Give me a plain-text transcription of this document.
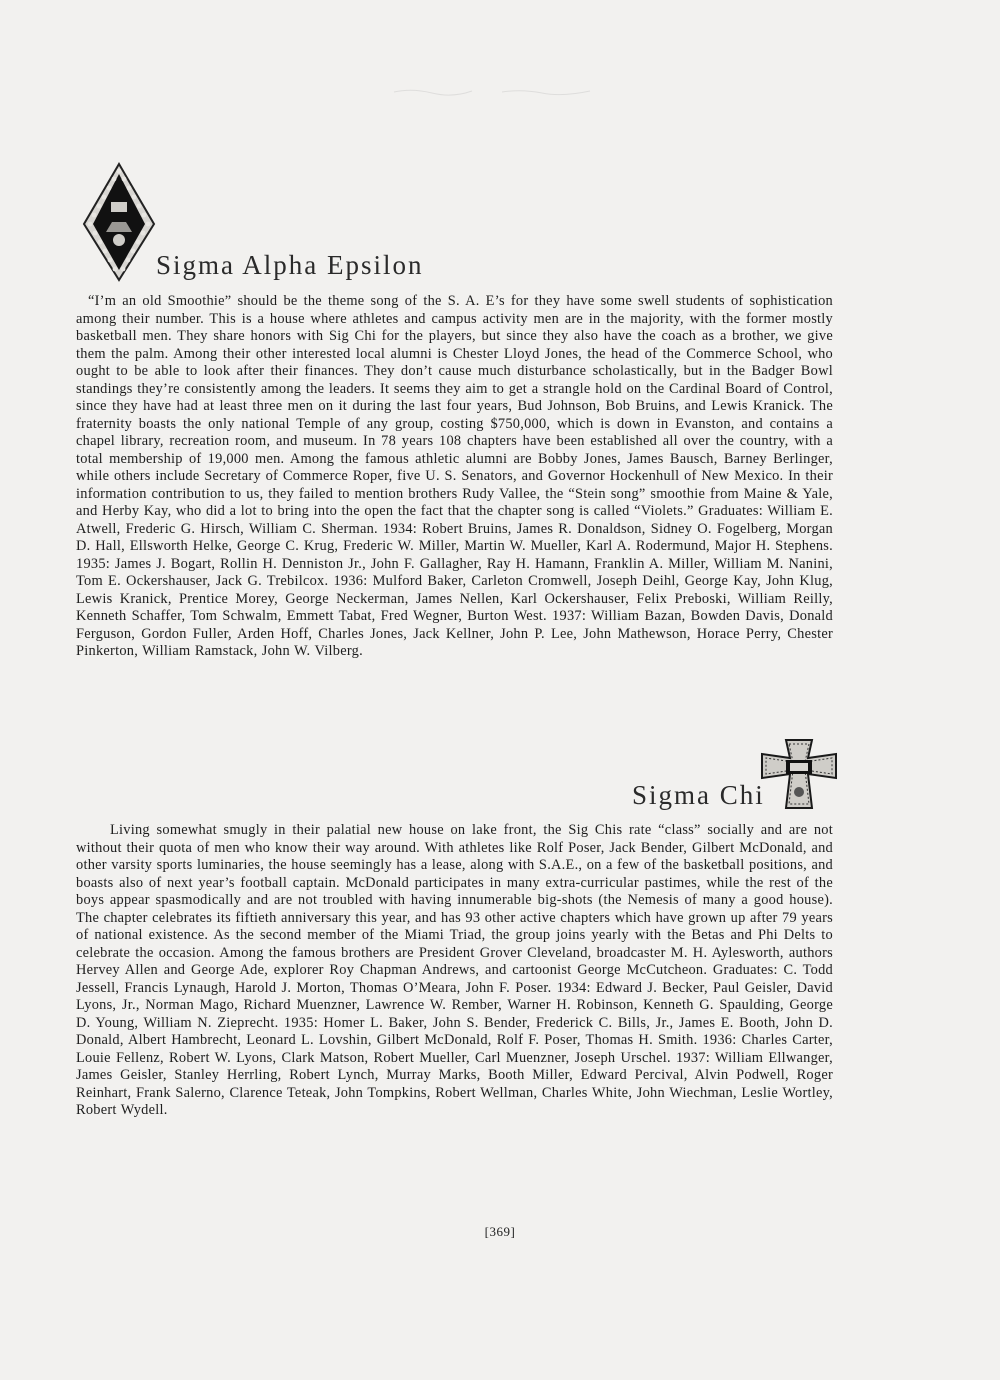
Sigma Alpha Epsilon

“I’m an old Smoothie” should be the theme song of the S. A. E’s for they have some swell students of sophistication among their number. This is a house where athletes and campus activity men are in the majority, with the former mostly basketball men. They share honors with Sig Chi for the players, but since they also have the coach as a brother, we give them the palm. Among their other interested local alumni is Chester Lloyd Jones, the head of the Commerce School, who ought to be able to look after their finances. They don’t cause much disturbance scholastically, but in the Badger Bowl standings they’re consistently among the leaders. It seems they aim to get a strangle hold on the Cardinal Board of Control, since they have had at least three men on it during the last four years, Bud Johnson, Bob Bruins, and Lewis Kranick. The fraternity boasts the only national Temple of any group, costing $750,000, which is down in Evanston, and contains a chapel library, recreation room, and museum. In 78 years 108 chapters have been established all over the country, with a total membership of 19,000 men. Among the famous athletic alumni are Bobby Jones, James Bausch, Barney Berlinger, while others include Secretary of Commerce Roper, five U. S. Senators, and Governor Hockenhull of New Mexico. In their information contribution to us, they failed to mention brothers Rudy Vallee, the “Stein song” smoothie from Maine & Yale, and Herby Kay, who did a lot to bring into the open the fact that the chapter song is called “Violets.” Graduates: William E. Atwell, Frederic G. Hirsch, William C. Sherman. 1934: Robert Bruins, James R. Donaldson, Sidney O. Fogelberg, Morgan D. Hall, Ellsworth Helke, George C. Krug, Frederic W. Miller, Martin W. Mueller, Karl A. Rodermund, Major H. Stephens. 1935: James J. Bogart, Rollin H. Denniston Jr., John F. Gallagher, Ray H. Hamann, Franklin A. Miller, William M. Nanini, Tom E. Ockershauser, Jack G. Trebilcox. 1936: Mulford Baker, Carleton Cromwell, Joseph Deihl, George Kay, John Klug, Lewis Kranick, Prentice Morey, George Neckerman, James Nellen, Karl Ockershauser, Felix Preboski, William Reilly, Kenneth Schaffer, Tom Schwalm, Emmett Tabat, Fred Wegner, Burton West. 1937: William Bazan, Bowden Davis, Donald Ferguson, Gordon Fuller, Arden Hoff, Charles Jones, Jack Kellner, John P. Lee, John Mathewson, Horace Perry, Chester Pinkerton, William Ramstack, John W. Vilberg.

Sigma Chi

Living somewhat smugly in their palatial new house on lake front, the Sig Chis rate “class” socially and are not without their quota of men who know their way around. With athletes like Rolf Poser, Jack Bender, Gilbert McDonald, and other varsity sports luminaries, the house seemingly has a lease, along with S.A.E., on a few of the basketball positions, and boasts also of next year’s football captain. McDonald participates in many extra-curricular pastimes, while the rest of the boys appear spasmodically and are not troubled with having innumerable big-shots (the Nemesis of many a good house). The chapter celebrates its fiftieth anniversary this year, and has 93 other active chapters which have grown up after 79 years of national existence. As the second member of the Miami Triad, the group joins yearly with the Betas and Phi Delts to celebrate the occasion. Among the famous brothers are President Grover Cleveland, broadcaster M. H. Aylesworth, authors Hervey Allen and George Ade, explorer Roy Chapman Andrews, and cartoonist George McCutcheon. Graduates: C. Todd Jessell, Francis Lynaugh, Harold J. Morton, Thomas O’Meara, John F. Poser. 1934: Edward J. Becker, Paul Geisler, David Lyons, Jr., Norman Mago, Richard Muenzner, Lawrence W. Rember, Warner H. Robinson, Kenneth G. Spaulding, George D. Young, William N. Zieprecht. 1935: Homer L. Baker, John S. Bender, Frederick C. Bills, Jr., James E. Booth, John D. Donald, Albert Hambrecht, Leonard L. Lovshin, Gilbert McDonald, Rolf F. Poser, Thomas H. Smith. 1936: Charles Carter, Louie Fellenz, Robert W. Lyons, Clark Matson, Robert Mueller, Carl Muenzner, Joseph Urschel. 1937: William Ellwanger, James Geisler, Stanley Herrling, Robert Lynch, Murray Marks, Booth Miller, Edward Percival, Alvin Podwell, Roger Reinhart, Frank Salerno, Clarence Teteak, John Tompkins, Robert Wellman, Charles White, John Wiechman, Leslie Wortley, Robert Wydell.

[369]
